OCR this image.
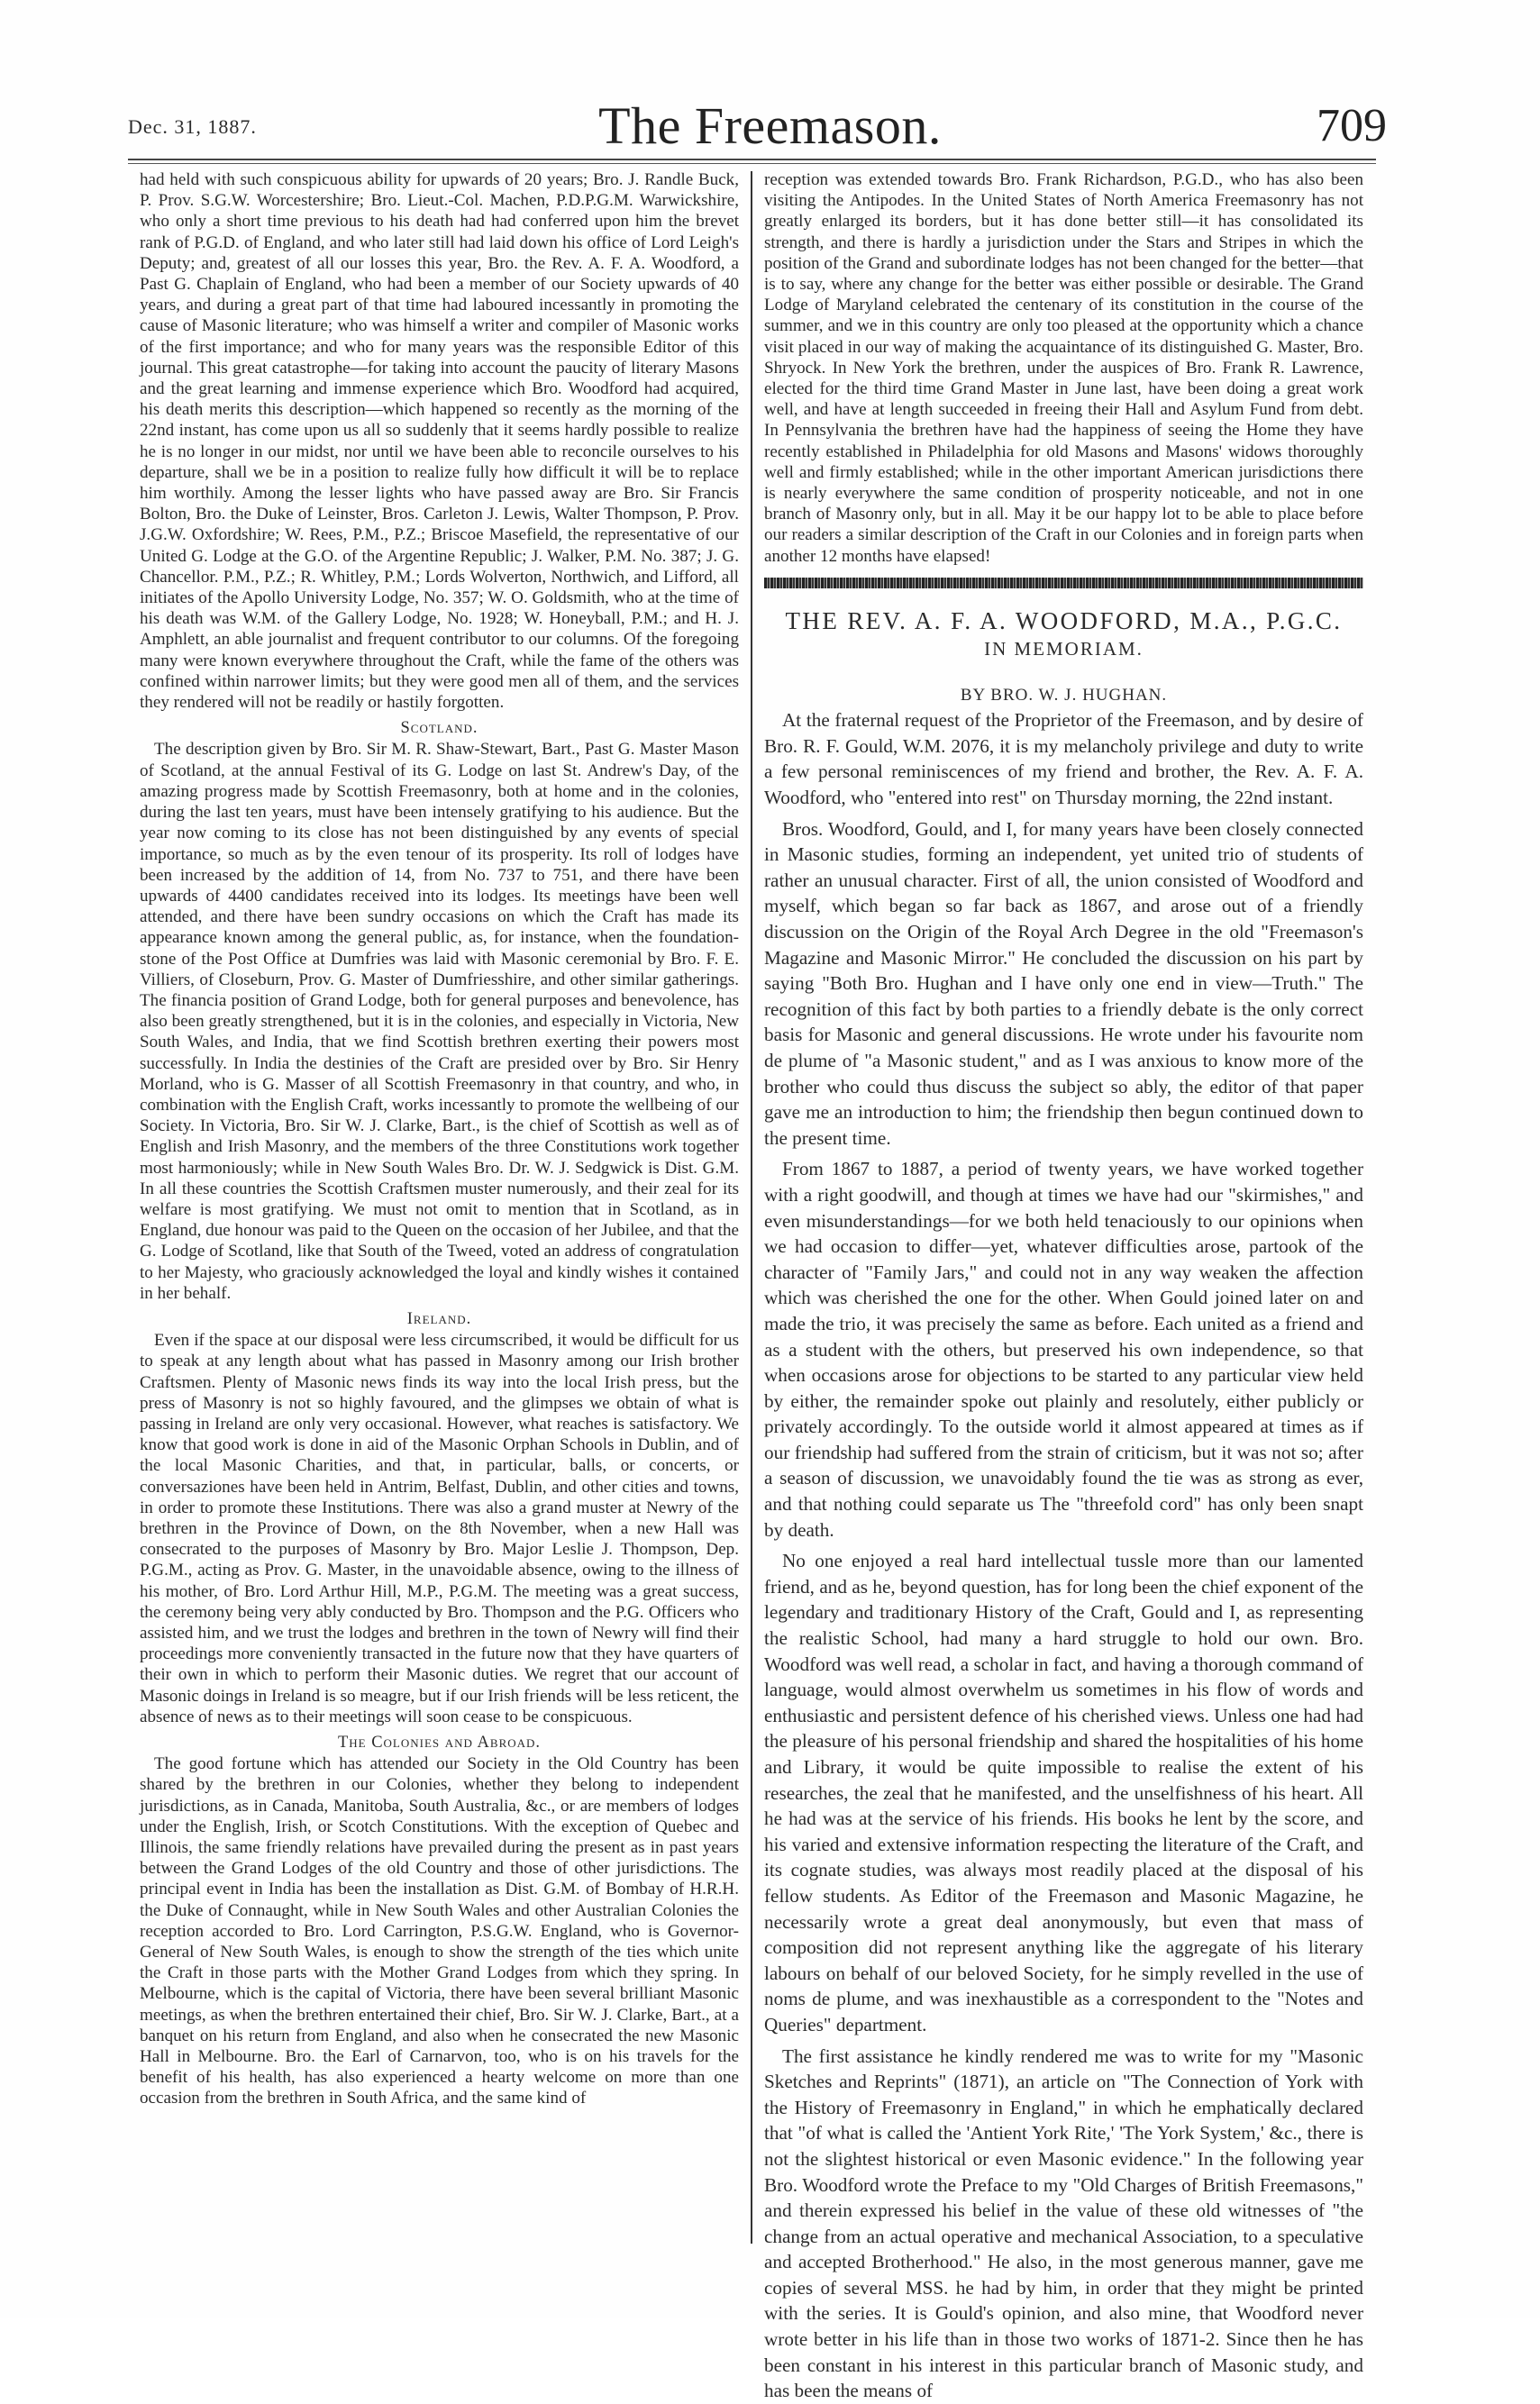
Dec. 31, 1887.	The Freemason.	709

had held with such conspicuous ability for upwards of 20 years; Bro. J. Randle Buck, P. Prov. S.G.W. Worcestershire; Bro. Lieut.-Col. Machen, P.D.P.G.M. Warwickshire, who only a short time previous to his death had had conferred upon him the brevet rank of P.G.D. of England, and who later still had laid down his office of Lord Leigh's Deputy; and, greatest of all our losses this year, Bro. the Rev. A. F. A. Woodford, a Past G. Chaplain of England, who had been a member of our Society upwards of 40 years, and during a great part of that time had laboured incessantly in promoting the cause of Masonic literature; who was himself a writer and compiler of Masonic works of the first importance; and who for many years was the responsible Editor of this journal. This great catastrophe—for taking into account the paucity of literary Masons and the great learning and immense experience which Bro. Woodford had acquired, his death merits this description—which happened so recently as the morning of the 22nd instant, has come upon us all so suddenly that it seems hardly possible to realize he is no longer in our midst, nor until we have been able to reconcile ourselves to his departure, shall we be in a position to realize fully how difficult it will be to replace him worthily. Among the lesser lights who have passed away are Bro. Sir Francis Bolton, Bro. the Duke of Leinster, Bros. Carleton J. Lewis, Walter Thompson, P. Prov. J.G.W. Oxfordshire; W. Rees, P.M., P.Z.; Briscoe Masefield, the representative of our United G. Lodge at the G.O. of the Argentine Republic; J. Walker, P.M. No. 387; J. G. Chancellor. P.M., P.Z.; R. Whitley, P.M.; Lords Wolverton, Northwich, and Lifford, all initiates of the Apollo University Lodge, No. 357; W. O. Goldsmith, who at the time of his death was W.M. of the Gallery Lodge, No. 1928; W. Honeyball, P.M.; and H. J. Amphlett, an able journalist and frequent contributor to our columns. Of the foregoing many were known everywhere throughout the Craft, while the fame of the others was confined within narrower limits; but they were good men all of them, and the services they rendered will not be readily or hastily forgotten.

Scotland.

The description given by Bro. Sir M. R. Shaw-Stewart, Bart., Past G. Master Mason of Scotland, at the annual Festival of its G. Lodge on last St. Andrew's Day, of the amazing progress made by Scottish Freemasonry, both at home and in the colonies, during the last ten years, must have been intensely gratifying to his audience. But the year now coming to its close has not been distinguished by any events of special importance, so much as by the even tenour of its prosperity. Its roll of lodges have been increased by the addition of 14, from No. 737 to 751, and there have been upwards of 4400 candidates received into its lodges. Its meetings have been well attended, and there have been sundry occasions on which the Craft has made its appearance known among the general public, as, for instance, when the foundation-stone of the Post Office at Dumfries was laid with Masonic ceremonial by Bro. F. E. Villiers, of Closeburn, Prov. G. Master of Dumfriesshire, and other similar gatherings. The financia position of Grand Lodge, both for general purposes and benevolence, has also been greatly strengthened, but it is in the colonies, and especially in Victoria, New South Wales, and India, that we find Scottish brethren exerting their powers most successfully. In India the destinies of the Craft are presided over by Bro. Sir Henry Morland, who is G. Masser of all Scottish Freemasonry in that country, and who, in combination with the English Craft, works incessantly to promote the wellbeing of our Society. In Victoria, Bro. Sir W. J. Clarke, Bart., is the chief of Scottish as well as of English and Irish Masonry, and the members of the three Constitutions work together most harmoniously; while in New South Wales Bro. Dr. W. J. Sedgwick is Dist. G.M. In all these countries the Scottish Craftsmen muster numerously, and their zeal for its welfare is most gratifying. We must not omit to mention that in Scotland, as in England, due honour was paid to the Queen on the occasion of her Jubilee, and that the G. Lodge of Scotland, like that South of the Tweed, voted an address of congratulation to her Majesty, who graciously acknowledged the loyal and kindly wishes it contained in her behalf.

Ireland.

Even if the space at our disposal were less circumscribed, it would be difficult for us to speak at any length about what has passed in Masonry among our Irish brother Craftsmen. Plenty of Masonic news finds its way into the local Irish press, but the press of Masonry is not so highly favoured, and the glimpses we obtain of what is passing in Ireland are only very occasional. However, what reaches is satisfactory. We know that good work is done in aid of the Masonic Orphan Schools in Dublin, and of the local Masonic Charities, and that, in particular, balls, or concerts, or conversaziones have been held in Antrim, Belfast, Dublin, and other cities and towns, in order to promote these Institutions. There was also a grand muster at Newry of the brethren in the Province of Down, on the 8th November, when a new Hall was consecrated to the purposes of Masonry by Bro. Major Leslie J. Thompson, Dep. P.G.M., acting as Prov. G. Master, in the unavoidable absence, owing to the illness of his mother, of Bro. Lord Arthur Hill, M.P., P.G.M. The meeting was a great success, the ceremony being very ably conducted by Bro. Thompson and the P.G. Officers who assisted him, and we trust the lodges and brethren in the town of Newry will find their proceedings more conveniently transacted in the future now that they have quarters of their own in which to perform their Masonic duties. We regret that our account of Masonic doings in Ireland is so meagre, but if our Irish friends will be less reticent, the absence of news as to their meetings will soon cease to be conspicuous.

The Colonies and Abroad.

The good fortune which has attended our Society in the Old Country has been shared by the brethren in our Colonies, whether they belong to independent jurisdictions, as in Canada, Manitoba, South Australia, &c., or are members of lodges under the English, Irish, or Scotch Constitutions. With the exception of Quebec and Illinois, the same friendly relations have prevailed during the present as in past years between the Grand Lodges of the old Country and those of other jurisdictions. The principal event in India has been the installation as Dist. G.M. of Bombay of H.R.H. the Duke of Connaught, while in New South Wales and other Australian Colonies the reception accorded to Bro. Lord Carrington, P.S.G.W. England, who is Governor-General of New South Wales, is enough to show the strength of the ties which unite the Craft in those parts with the Mother Grand Lodges from which they spring. In Melbourne, which is the capital of Victoria, there have been several brilliant Masonic meetings, as when the brethren entertained their chief, Bro. Sir W. J. Clarke, Bart., at a banquet on his return from England, and also when he consecrated the new Masonic Hall in Melbourne. Bro. the Earl of Carnarvon, too, who is on his travels for the benefit of his health, has also experienced a hearty welcome on more than one occasion from the brethren in South Africa, and the same kind of

reception was extended towards Bro. Frank Richardson, P.G.D., who has also been visiting the Antipodes. In the United States of North America Freemasonry has not greatly enlarged its borders, but it has done better still—it has consolidated its strength, and there is hardly a jurisdiction under the Stars and Stripes in which the position of the Grand and subordinate lodges has not been changed for the better—that is to say, where any change for the better was either possible or desirable. The Grand Lodge of Maryland celebrated the centenary of its constitution in the course of the summer, and we in this country are only too pleased at the opportunity which a chance visit placed in our way of making the acquaintance of its distinguished G. Master, Bro. Shryock. In New York the brethren, under the auspices of Bro. Frank R. Lawrence, elected for the third time Grand Master in June last, have been doing a great work well, and have at length succeeded in freeing their Hall and Asylum Fund from debt. In Pennsylvania the brethren have had the happiness of seeing the Home they have recently established in Philadelphia for old Masons and Masons' widows thoroughly well and firmly established; while in the other important American jurisdictions there is nearly everywhere the same condition of prosperity noticeable, and not in one branch of Masonry only, but in all. May it be our happy lot to be able to place before our readers a similar description of the Craft in our Colonies and in foreign parts when another 12 months have elapsed!

THE REV. A. F. A. WOODFORD, M.A., P.G.C.

IN MEMORIAM.

BY BRO. W. J. HUGHAN.

At the fraternal request of the Proprietor of the Freemason, and by desire of Bro. R. F. Gould, W.M. 2076, it is my melancholy privilege and duty to write a few personal reminiscences of my friend and brother, the Rev. A. F. A. Woodford, who "entered into rest" on Thursday morning, the 22nd instant.

Bros. Woodford, Gould, and I, for many years have been closely connected in Masonic studies, forming an independent, yet united trio of students of rather an unusual character. First of all, the union consisted of Woodford and myself, which began so far back as 1867, and arose out of a friendly discussion on the Origin of the Royal Arch Degree in the old "Freemason's Magazine and Masonic Mirror." He concluded the discussion on his part by saying "Both Bro. Hughan and I have only one end in view—Truth." The recognition of this fact by both parties to a friendly debate is the only correct basis for Masonic and general discussions. He wrote under his favourite nom de plume of "a Masonic student," and as I was anxious to know more of the brother who could thus discuss the subject so ably, the editor of that paper gave me an introduction to him; the friendship then begun continued down to the present time.

From 1867 to 1887, a period of twenty years, we have worked together with a right goodwill, and though at times we have had our "skirmishes," and even misunderstandings—for we both held tenaciously to our opinions when we had occasion to differ—yet, whatever difficulties arose, partook of the character of "Family Jars," and could not in any way weaken the affection which was cherished the one for the other. When Gould joined later on and made the trio, it was precisely the same as before. Each united as a friend and as a student with the others, but preserved his own independence, so that when occasions arose for objections to be started to any particular view held by either, the remainder spoke out plainly and resolutely, either publicly or privately accordingly. To the outside world it almost appeared at times as if our friendship had suffered from the strain of criticism, but it was not so; after a season of discussion, we unavoidably found the tie was as strong as ever, and that nothing could separate us The "threefold cord" has only been snapt by death.

No one enjoyed a real hard intellectual tussle more than our lamented friend, and as he, beyond question, has for long been the chief exponent of the legendary and traditionary History of the Craft, Gould and I, as representing the realistic School, had many a hard struggle to hold our own. Bro. Woodford was well read, a scholar in fact, and having a thorough command of language, would almost overwhelm us sometimes in his flow of words and enthusiastic and persistent defence of his cherished views. Unless one had had the pleasure of his personal friendship and shared the hospitalities of his home and Library, it would be quite impossible to realise the extent of his researches, the zeal that he manifested, and the unselfishness of his heart. All he had was at the service of his friends. His books he lent by the score, and his varied and extensive information respecting the literature of the Craft, and its cognate studies, was always most readily placed at the disposal of his fellow students. As Editor of the Freemason and Masonic Magazine, he necessarily wrote a great deal anonymously, but even that mass of composition did not represent anything like the aggregate of his literary labours on behalf of our beloved Society, for he simply revelled in the use of noms de plume, and was inexhaustible as a correspondent to the "Notes and Queries" department.

The first assistance he kindly rendered me was to write for my "Masonic Sketches and Reprints" (1871), an article on "The Connection of York with the History of Freemasonry in England," in which he emphatically declared that "of what is called the 'Antient York Rite,' 'The York System,' &c., there is not the slightest historical or even Masonic evidence." In the following year Bro. Woodford wrote the Preface to my "Old Charges of British Freemasons," and therein expressed his belief in the value of these old witnesses of "the change from an actual operative and mechanical Association, to a speculative and accepted Brotherhood." He also, in the most generous manner, gave me copies of several MSS. he had by him, in order that they might be printed with the series. It is Gould's opinion, and also mine, that Woodford never wrote better in his life than in those two works of 1871-2. Since then he has been constant in his interest in this particular branch of Masonic study, and has been the means of
